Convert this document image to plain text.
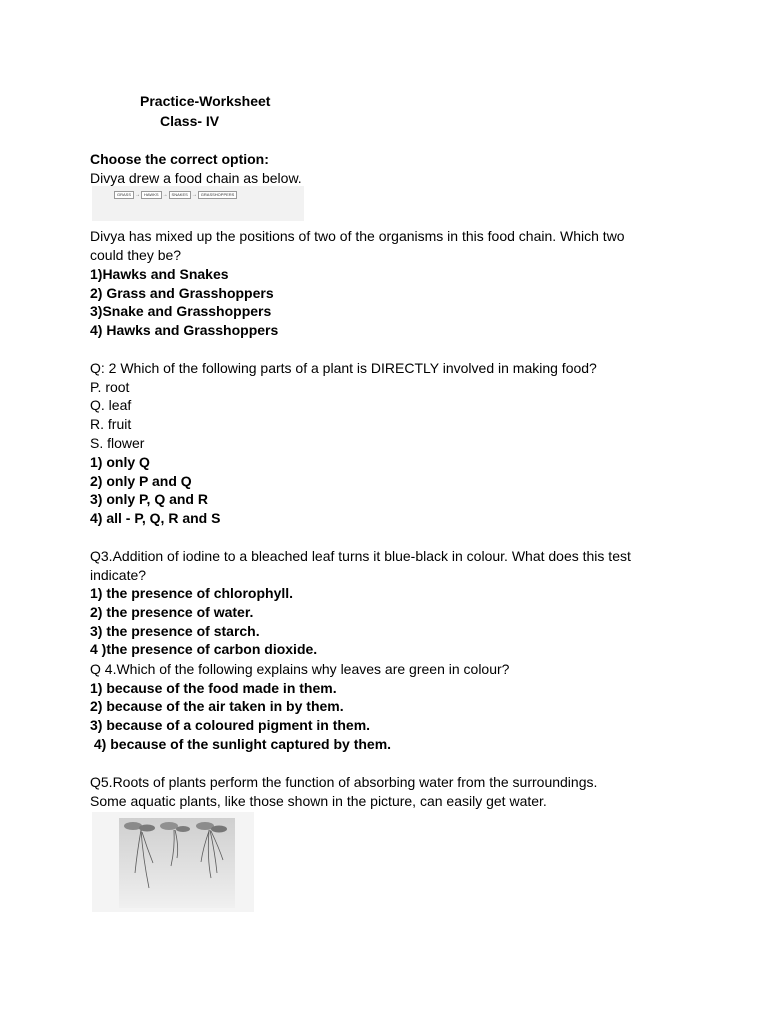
Practice-Worksheet
Class- IV
Choose the correct option:
Divya drew a food chain as below.
GRASS →	HAWKS →	SNAKES →	GRASSHOPPERS
Divya has mixed up the positions of two of the organisms in this food chain. Which two
could they be?
1)Hawks and Snakes
2) Grass and Grasshoppers
3)Snake and Grasshoppers
4) Hawks and Grasshoppers
Q: 2 Which of the following parts of a plant is DIRECTLY involved in making food?
P. root
Q. leaf
R. fruit
S. flower
1) only Q
2) only P and Q
3) only P, Q and R
4) all - P, Q, R and S
Q3.Addition of iodine to a bleached leaf turns it blue-black in colour. What does this test
indicate?
1) the presence of chlorophyll.
2) the presence of water.
3) the presence of starch.
4 )the presence of carbon dioxide.
Q 4.Which of the following explains why leaves are green in colour?
1) because of the food made in them.
2) because of the air taken in by them.
3) because of a coloured pigment in them.
4) because of the sunlight captured by them.
Q5.Roots of plants perform the function of absorbing water from the surroundings.
Some aquatic plants, like those shown in the picture, can easily get water.
